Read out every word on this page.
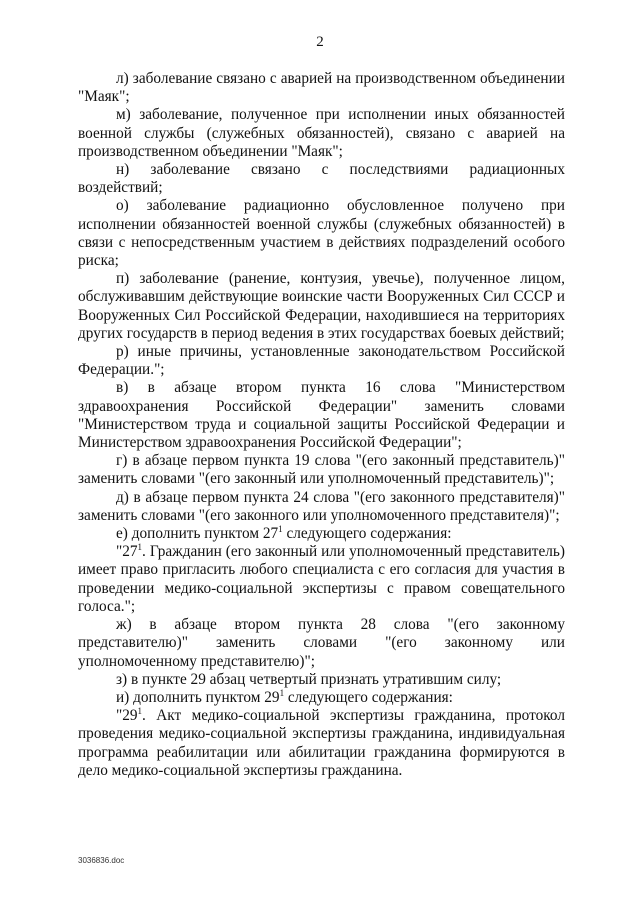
2

л) заболевание связано с аварией на производственном объединении "Маяк";

м) заболевание, полученное при исполнении иных обязанностей военной службы (служебных обязанностей), связано с аварией на производственном объединении "Маяк";

н) заболевание связано с последствиями радиационных воздействий;

о) заболевание радиационно обусловленное получено при исполнении обязанностей военной службы (служебных обязанностей) в связи с непосредственным участием в действиях подразделений особого риска;

п) заболевание (ранение, контузия, увечье), полученное лицом, обслуживавшим действующие воинские части Вооруженных Сил СССР и Вооруженных Сил Российской Федерации, находившиеся на территориях других государств в период ведения в этих государствах боевых действий;

р) иные причины, установленные законодательством Российской Федерации.";

в) в абзаце втором пункта 16 слова "Министерством здравоохранения Российской Федерации" заменить словами "Министерством труда и социальной защиты Российской Федерации и Министерством здравоохранения Российской Федерации";

г) в абзаце первом пункта 19 слова "(его законный представитель)" заменить словами "(его законный или уполномоченный представитель)";

д) в абзаце первом пункта 24 слова "(его законного представителя)" заменить словами "(его законного или уполномоченного представителя)";

е) дополнить пунктом $27^1$ следующего содержания:

"$27^1$. Гражданин (его законный или уполномоченный представитель) имеет право пригласить любого специалиста с его согласия для участия в проведении медико-социальной экспертизы с правом совещательного голоса.";

ж) в абзаце втором пункта 28 слова "(его законному представителю)" заменить словами "(его законному или уполномоченному представителю)";

з) в пункте 29 абзац четвертый признать утратившим силу;

и) дополнить пунктом $29^1$ следующего содержания:

"$29^1$. Акт медико-социальной экспертизы гражданина, протокол проведения медико-социальной экспертизы гражданина, индивидуальная программа реабилитации или абилитации гражданина формируются в дело медико-социальной экспертизы гражданина.

3036836.doc
